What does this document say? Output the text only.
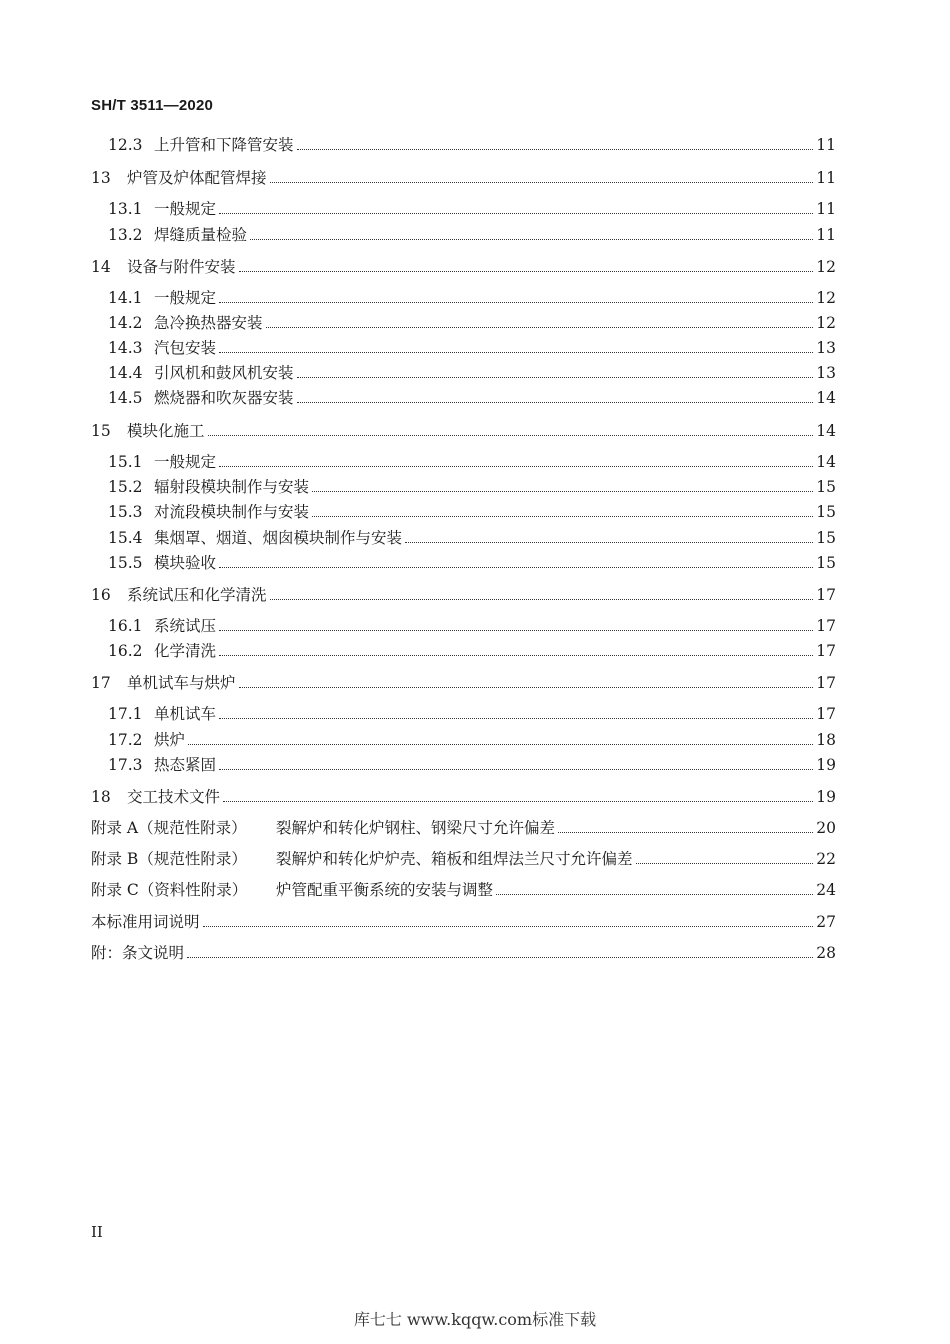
SH/T 3511—2020
12.3 上升管和下降管安装	11
13	炉管及炉体配管焊接	11
13.1 一般规定	11
13.2 焊缝质量检验	11
14	设备与附件安装	12
14.1 一般规定	12
14.2 急冷换热器安装	12
14.3 汽包安装	13
14.4 引风机和鼓风机安装	13
14.5 燃烧器和吹灰器安装	14
15	模块化施工	14
15.1 一般规定	14
15.2 辐射段模块制作与安装	15
15.3 对流段模块制作与安装	15
15.4 集烟罩、烟道、烟囱模块制作与安装	15
15.5 模块验收	15
16	系统试压和化学清洗	17
16.1 系统试压	17
16.2 化学清洗	17
17	单机试车与烘炉	17
17.1 单机试车	17
17.2 烘炉	18
17.3 热态紧固	19
18	交工技术文件	19
附录 A（规范性附录）	裂解炉和转化炉钢柱、钢梁尺寸允许偏差	20
附录 B（规范性附录）	裂解炉和转化炉炉壳、箱板和组焊法兰尺寸允许偏差	22
附录 C（资料性附录）	炉管配重平衡系统的安装与调整	24
本标准用词说明	27
附：条文说明	28
II
库七七 www.kqqw.com标准下载
